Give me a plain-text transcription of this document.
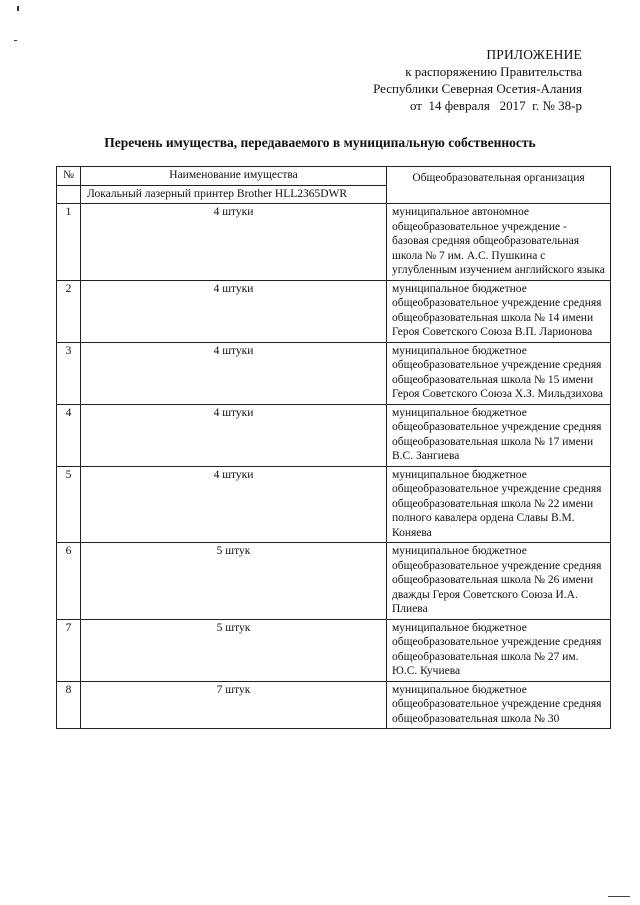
ПРИЛОЖЕНИЕ
к распоряжению Правительства
Республики Северная Осетия-Алания
от  14 февраля   2017  г. № 38-р
Перечень имущества, передаваемого в муниципальную собственность
№	Наименование имущества	Общеобразовательная организация
	Локальный лазерный принтер Brother HLL2365DWR	
1	4 штуки	муниципальное автономное общеобразовательное учреждение - базовая средняя общеобразовательная школа № 7 им. А.С. Пушкина с углубленным изучением английского языка
2	4 штуки	муниципальное бюджетное общеобразовательное учреждение средняя общеобразовательная школа № 14 имени Героя Советского Союза В.П. Ларионова
3	4 штуки	муниципальное бюджетное общеобразовательное учреждение средняя общеобразовательная школа № 15 имени Героя Советского Союза Х.З. Мильдзихова
4	4 штуки	муниципальное бюджетное общеобразовательное учреждение средняя общеобразовательная школа № 17 имени В.С. Зангиева
5	4 штуки	муниципальное бюджетное общеобразовательное учреждение средняя общеобразовательная школа № 22 имени полного кавалера ордена Славы В.М. Коняева
6	5 штук	муниципальное бюджетное общеобразовательное учреждение средняя общеобразовательная школа № 26 имени дважды Героя Советского Союза И.А. Плиева
7	5 штук	муниципальное бюджетное общеобразовательное учреждение средняя общеобразовательная школа № 27 им. Ю.С. Кучиева
8	7 штук	муниципальное бюджетное общеобразовательное учреждение средняя общеобразовательная школа № 30
